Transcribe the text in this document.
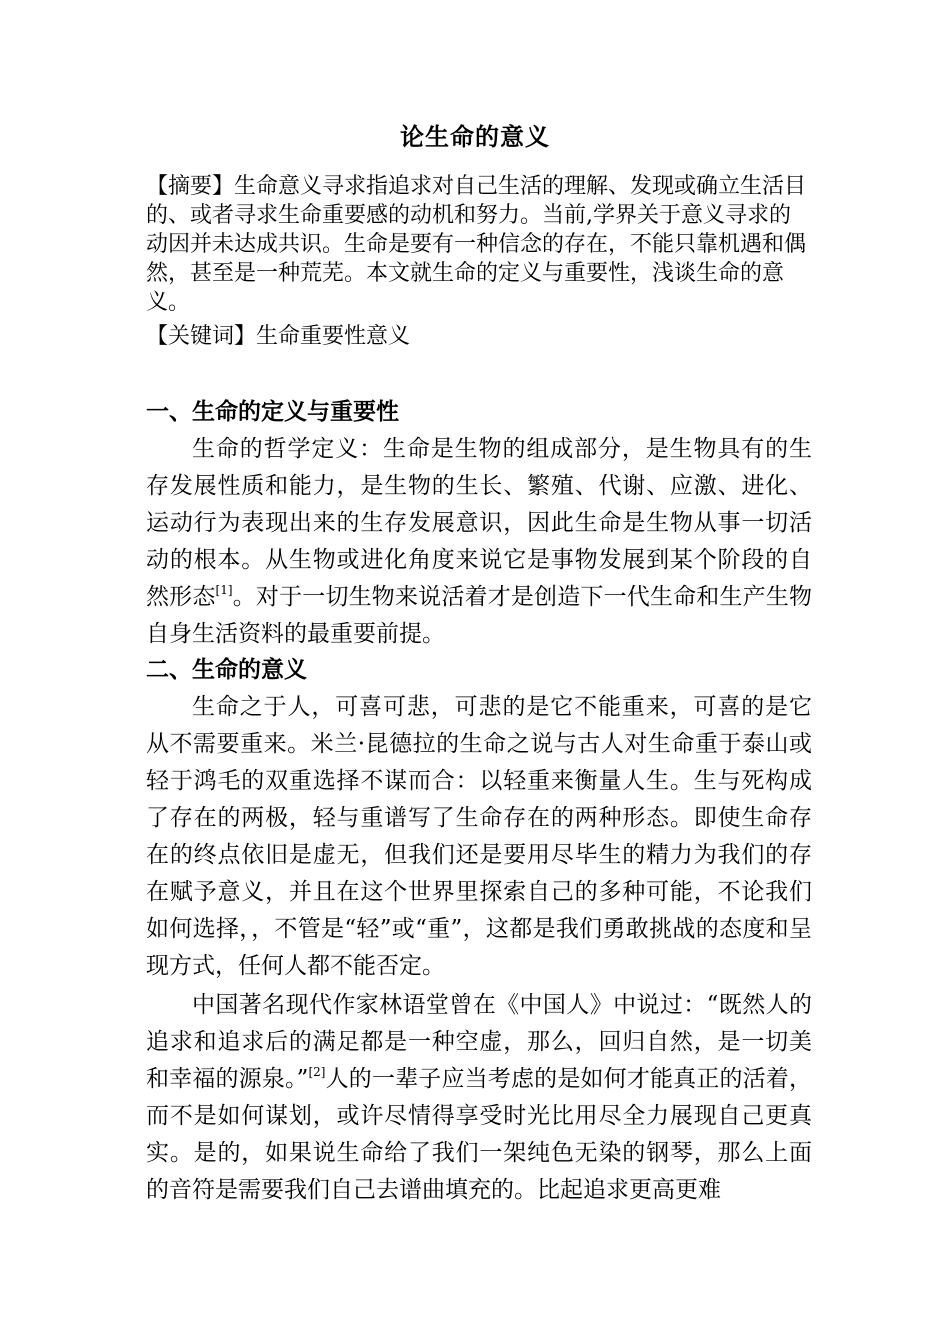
论生命的意义

【摘要】生命意义寻求指追求对自己生活的理解、发现或确立生活目的、或者寻求生命重要感的动机和努力。当前,学界关于意义寻求的动因并未达成共识。生命是要有一种信念的存在，不能只靠机遇和偶然，甚至是一种荒芜。本文就生命的定义与重要性，浅谈生命的意义。

【关键词】生命重要性意义

一、生命的定义与重要性

生命的哲学定义：生命是生物的组成部分，是生物具有的生存发展性质和能力，是生物的生长、繁殖、代谢、应激、进化、运动行为表现出来的生存发展意识，因此生命是生物从事一切活动的根本。从生物或进化角度来说它是事物发展到某个阶段的自然形态[1]。对于一切生物来说活着才是创造下一代生命和生产生物自身生活资料的最重要前提。

二、生命的意义

生命之于人，可喜可悲，可悲的是它不能重来，可喜的是它从不需要重来。米兰·昆德拉的生命之说与古人对生命重于泰山或轻于鸿毛的双重选择不谋而合：以轻重来衡量人生。生与死构成了存在的两极，轻与重谱写了生命存在的两种形态。即使生命存在的终点依旧是虚无，但我们还是要用尽毕生的精力为我们的存在赋予意义，并且在这个世界里探索自己的多种可能，不论我们如何选择，，不管是“轻”或“重”，这都是我们勇敢挑战的态度和呈现方式，任何人都不能否定。

中国著名现代作家林语堂曾在《中国人》中说过：“既然人的追求和追求后的满足都是一种空虚，那么，回归自然，是一切美和幸福的源泉。”[2]人的一辈子应当考虑的是如何才能真正的活着，而不是如何谋划，或许尽情得享受时光比用尽全力展现自己更真实。是的，如果说生命给了我们一架纯色无染的钢琴，那么上面的音符是需要我们自己去谱曲填充的。比起追求更高更难
